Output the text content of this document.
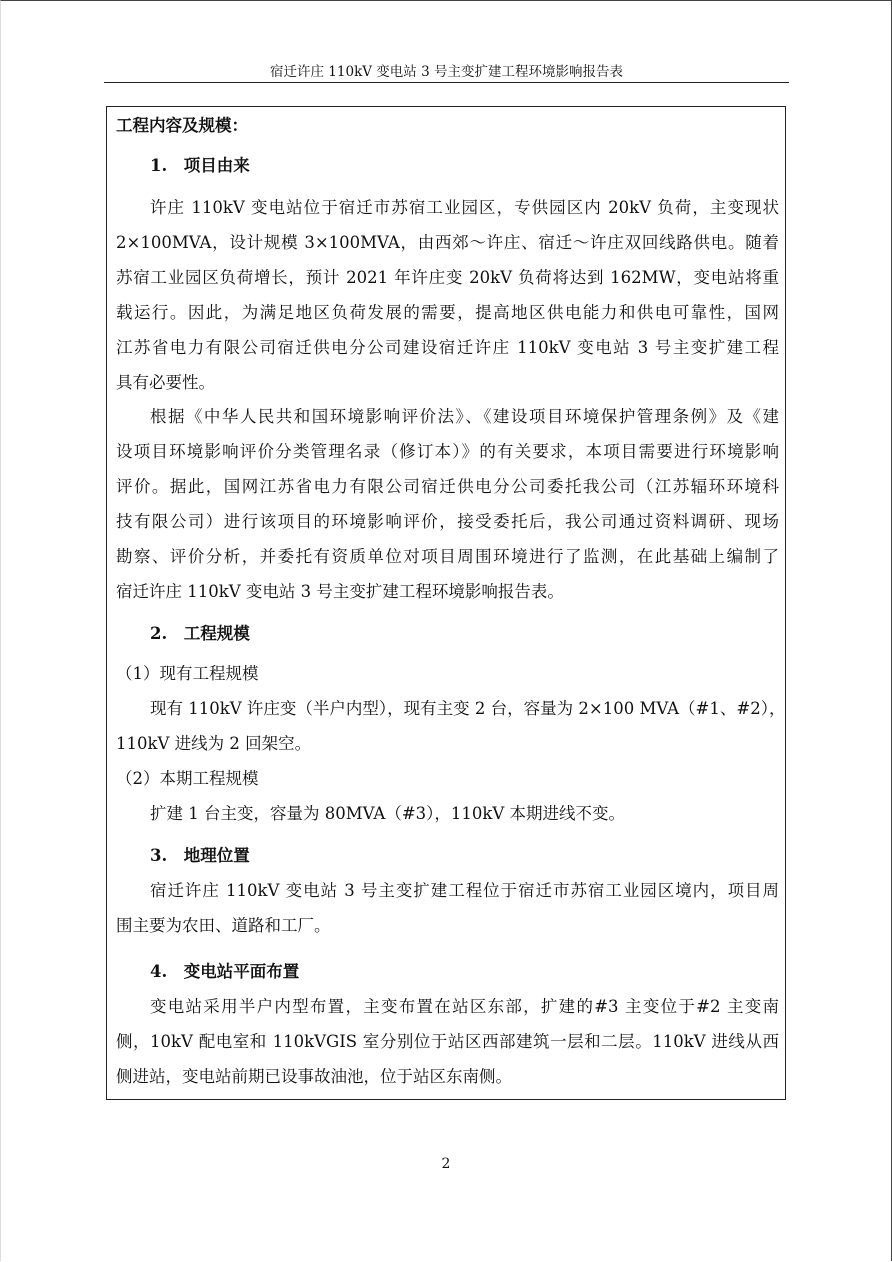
宿迁许庄 110kV 变电站 3 号主变扩建工程环境影响报告表
工程内容及规模：
1.　项目由来
许庄 110kV 变电站位于宿迁市苏宿工业园区，专供园区内 20kV 负荷，主变现状
2×100MVA，设计规模 3×100MVA，由西郊～许庄、宿迁～许庄双回线路供电。随着
苏宿工业园区负荷增长，预计 2021 年许庄变 20kV 负荷将达到 162MW，变电站将重
载运行。因此，为满足地区负荷发展的需要，提高地区供电能力和供电可靠性，国网
江苏省电力有限公司宿迁供电分公司建设宿迁许庄 110kV 变电站 3 号主变扩建工程
具有必要性。
根据《中华人民共和国环境影响评价法》、《建设项目环境保护管理条例》及《建
设项目环境影响评价分类管理名录（修订本）》的有关要求，本项目需要进行环境影响
评价。据此，国网江苏省电力有限公司宿迁供电分公司委托我公司（江苏辐环环境科
技有限公司）进行该项目的环境影响评价，接受委托后，我公司通过资料调研、现场
勘察、评价分析，并委托有资质单位对项目周围环境进行了监测，在此基础上编制了
宿迁许庄 110kV 变电站 3 号主变扩建工程环境影响报告表。
2.　工程规模
（1）现有工程规模
现有 110kV 许庄变（半户内型），现有主变 2 台，容量为 2×100 MVA（#1、#2），
110kV 进线为 2 回架空。
（2）本期工程规模
扩建 1 台主变，容量为 80MVA（#3），110kV 本期进线不变。
3.　地理位置
宿迁许庄 110kV 变电站 3 号主变扩建工程位于宿迁市苏宿工业园区境内，项目周
围主要为农田、道路和工厂。
4.　变电站平面布置
变电站采用半户内型布置，主变布置在站区东部，扩建的#3 主变位于#2 主变南
侧，10kV 配电室和 110kVGIS 室分别位于站区西部建筑一层和二层。110kV 进线从西
侧进站，变电站前期已设事故油池，位于站区东南侧。
2
